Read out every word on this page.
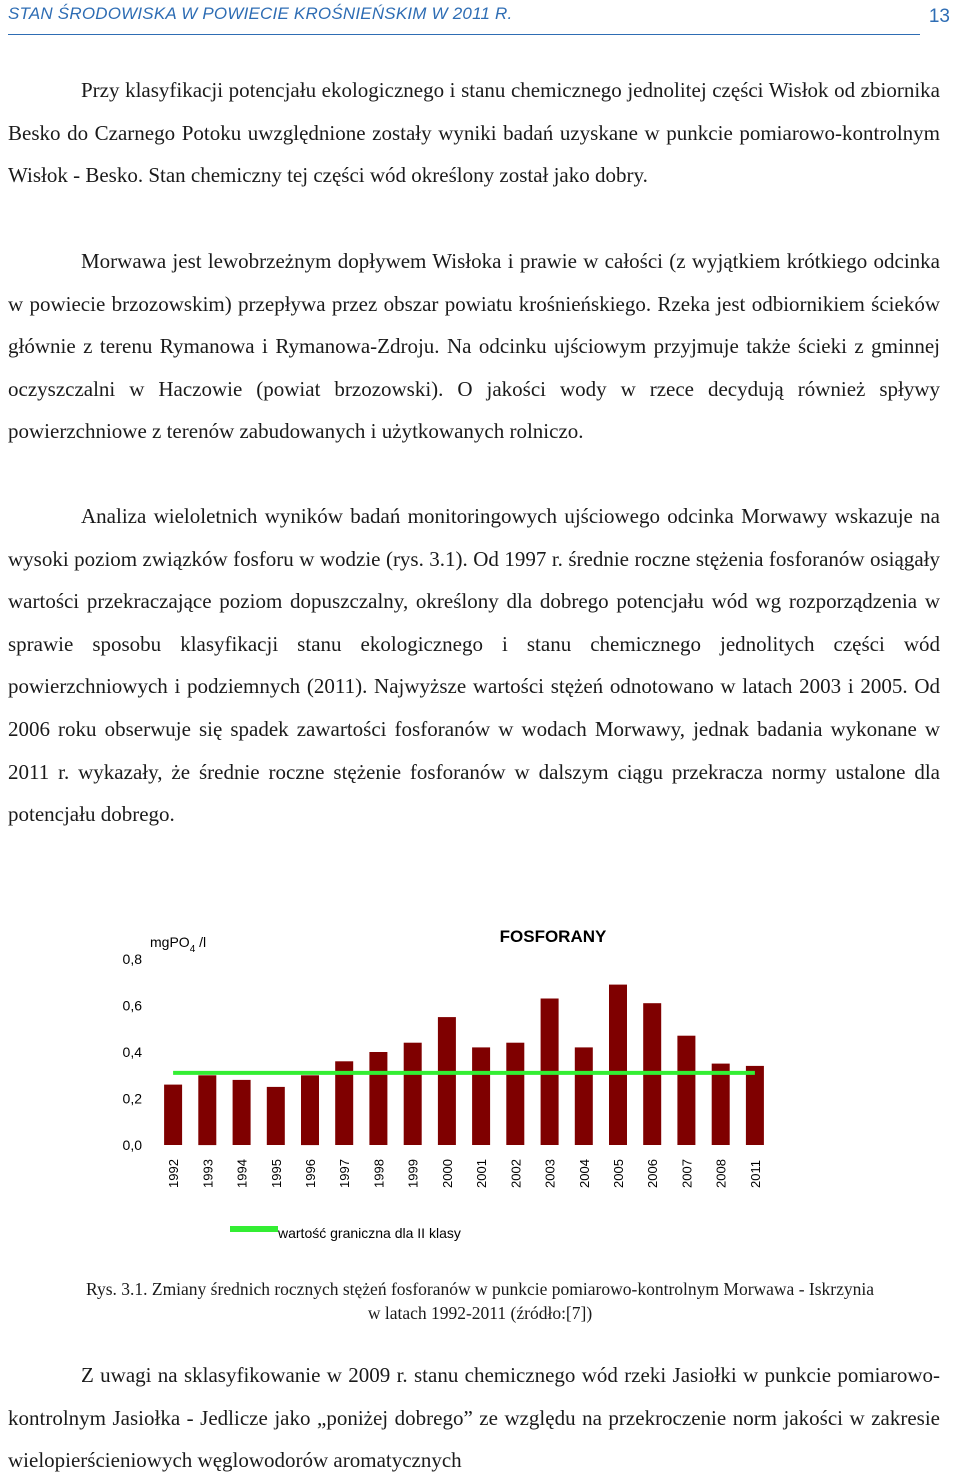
STAN ŚRODOWISKA W POWIECIE KROŚNIEŃSKIM W 2011 R.	13

Przy klasyfikacji potencjału ekologicznego i stanu chemicznego jednolitej części Wisłok od zbiornika Besko do Czarnego Potoku uwzględnione zostały wyniki badań uzyskane w punkcie pomiarowo-kontrolnym Wisłok - Besko. Stan chemiczny tej części wód określony został jako dobry.

Morwawa jest lewobrzeżnym dopływem Wisłoka i prawie w całości (z wyjątkiem krótkiego odcinka w powiecie brzozowskim) przepływa przez obszar powiatu krośnieńskiego. Rzeka jest odbiornikiem ścieków głównie z terenu Rymanowa i Rymanowa-Zdroju. Na odcinku ujściowym przyjmuje także ścieki z gminnej oczyszczalni w Haczowie (powiat brzozowski). O jakości wody w rzece decydują również spływy powierzchniowe z terenów zabudowanych i użytkowanych rolniczo.

Analiza wieloletnich wyników badań monitoringowych ujściowego odcinka Morwawy wskazuje na wysoki poziom związków fosforu w wodzie (rys. 3.1). Od 1997 r. średnie roczne stężenia fosforanów osiągały wartości przekraczające poziom dopuszczalny, określony dla dobrego potencjału wód wg rozporządzenia w sprawie sposobu klasyfikacji stanu ekologicznego i stanu chemicznego jednolitych części wód powierzchniowych i podziemnych (2011). Najwyższe wartości stężeń odnotowano w latach 2003 i 2005. Od 2006 roku obserwuje się spadek zawartości fosforanów w wodach Morwawy, jednak badania wykonane w 2011 r. wykazały, że średnie roczne stężenie fosforanów w dalszym ciągu przekracza normy ustalone dla potencjału dobrego.

0,0
0,2
0,4
0,6
0,8
1992 1993 1994 1995 1996 1997 1998 1999 2000 2001 2002 2003 2004 2005 2006 2007 2008 2011
FOSFORANY
mgPO$_4$ /l
wartość graniczna dla II klasy
Rys. 3.1. Zmiany średnich rocznych stężeń fosforanów w punkcie pomiarowo-kontrolnym Morwawa - Iskrzynia
w latach 1992-2011 (źródło:[7])

Z uwagi na sklasyfikowanie w 2009 r. stanu chemicznego wód rzeki Jasiołki w punkcie pomiarowo-kontrolnym Jasiołka - Jedlicze jako „poniżej dobrego” ze względu na przekroczenie norm jakości w zakresie wielopierścieniowych węglowodorów aromatycznych
